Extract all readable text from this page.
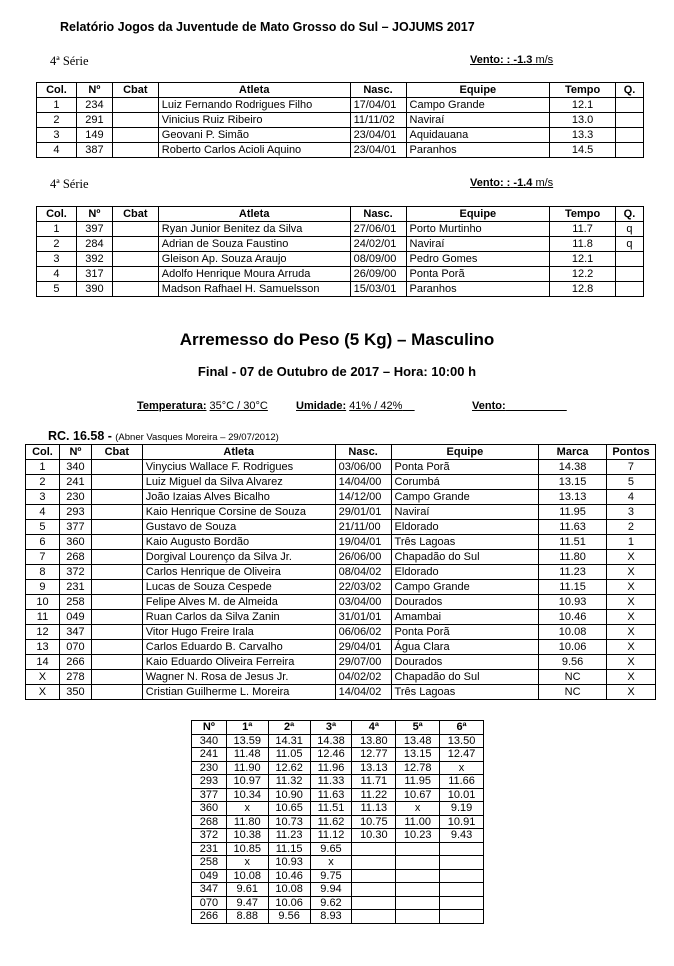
Relatório Jogos da Juventude de Mato Grosso do Sul – JOJUMS 2017
4ª Série	Vento: : -1.3 m/s
Col.	Nº	Cbat	Atleta	Nasc.	Equipe	Tempo	Q.
1	234		Luiz Fernando Rodrigues Filho	17/04/01	Campo Grande	12.1	
2	291		Vinicius Ruiz Ribeiro	11/11/02	Naviraí	13.0	
3	149		Geovani P. Simão	23/04/01	Aquidauana	13.3	
4	387		Roberto Carlos Acioli Aquino	23/04/01	Paranhos	14.5	
4ª Série	Vento: : -1.4 m/s
Col.	Nº	Cbat	Atleta	Nasc.	Equipe	Tempo	Q.
1	397		Ryan Junior Benitez da Silva	27/06/01	Porto Murtinho	11.7	q
2	284		Adrian de Souza Faustino	24/02/01	Naviraí	11.8	q
3	392		Gleison Ap. Souza Araujo	08/09/00	Pedro Gomes	12.1	
4	317		Adolfo Henrique Moura Arruda	26/09/00	Ponta Porã	12.2	
5	390		Madson Rafhael H. Samuelsson	15/03/01	Paranhos	12.8	
Arremesso do Peso (5 Kg) – Masculino
Final - 07 de Outubro de 2017 – Hora: 10:00 h
Temperatura: 35°C / 30°C	Umidade: 41% / 42%	Vento:
RC. 16.58 - (Abner Vasques Moreira – 29/07/2012)
Col.	Nº	Cbat	Atleta	Nasc.	Equipe	Marca	Pontos
1	340		Vinycius Wallace F. Rodrigues	03/06/00	Ponta Porã	14.38	7
2	241		Luiz Miguel da Silva Alvarez	14/04/00	Corumbá	13.15	5
3	230		João Izaias Alves Bicalho	14/12/00	Campo Grande	13.13	4
4	293		Kaio Henrique Corsine de Souza	29/01/01	Naviraí	11.95	3
5	377		Gustavo de Souza	21/11/00	Eldorado	11.63	2
6	360		Kaio Augusto Bordão	19/04/01	Três Lagoas	11.51	1
7	268		Dorgival Lourenço da Silva Jr.	26/06/00	Chapadão do Sul	11.80	X
8	372		Carlos Henrique de Oliveira	08/04/02	Eldorado	11.23	X
9	231		Lucas de Souza Cespede	22/03/02	Campo Grande	11.15	X
10	258		Felipe Alves M. de Almeida	03/04/00	Dourados	10.93	X
11	049		Ruan Carlos da Silva Zanin	31/01/01	Amambai	10.46	X
12	347		Vitor Hugo Freire Irala	06/06/02	Ponta Porã	10.08	X
13	070		Carlos Eduardo B. Carvalho	29/04/01	Água Clara	10.06	X
14	266		Kaio Eduardo Oliveira Ferreira	29/07/00	Dourados	9.56	X
X	278		Wagner N. Rosa de Jesus Jr.	04/02/02	Chapadão do Sul	NC	X
X	350		Cristian Guilherme L. Moreira	14/04/02	Três Lagoas	NC	X
Nº	1ª	2ª	3ª	4ª	5ª	6ª
340	13.59	14.31	14.38	13.80	13.48	13.50
241	11.48	11.05	12.46	12.77	13.15	12.47
230	11.90	12.62	11.96	13.13	12.78	x
293	10.97	11.32	11.33	11.71	11.95	11.66
377	10.34	10.90	11.63	11.22	10.67	10.01
360	x	10.65	11.51	11.13	x	9.19
268	11.80	10.73	11.62	10.75	11.00	10.91
372	10.38	11.23	11.12	10.30	10.23	9.43
231	10.85	11.15	9.65			
258	x	10.93	x			
049	10.08	10.46	9.75			
347	9.61	10.08	9.94			
070	9.47	10.06	9.62			
266	8.88	9.56	8.93			
